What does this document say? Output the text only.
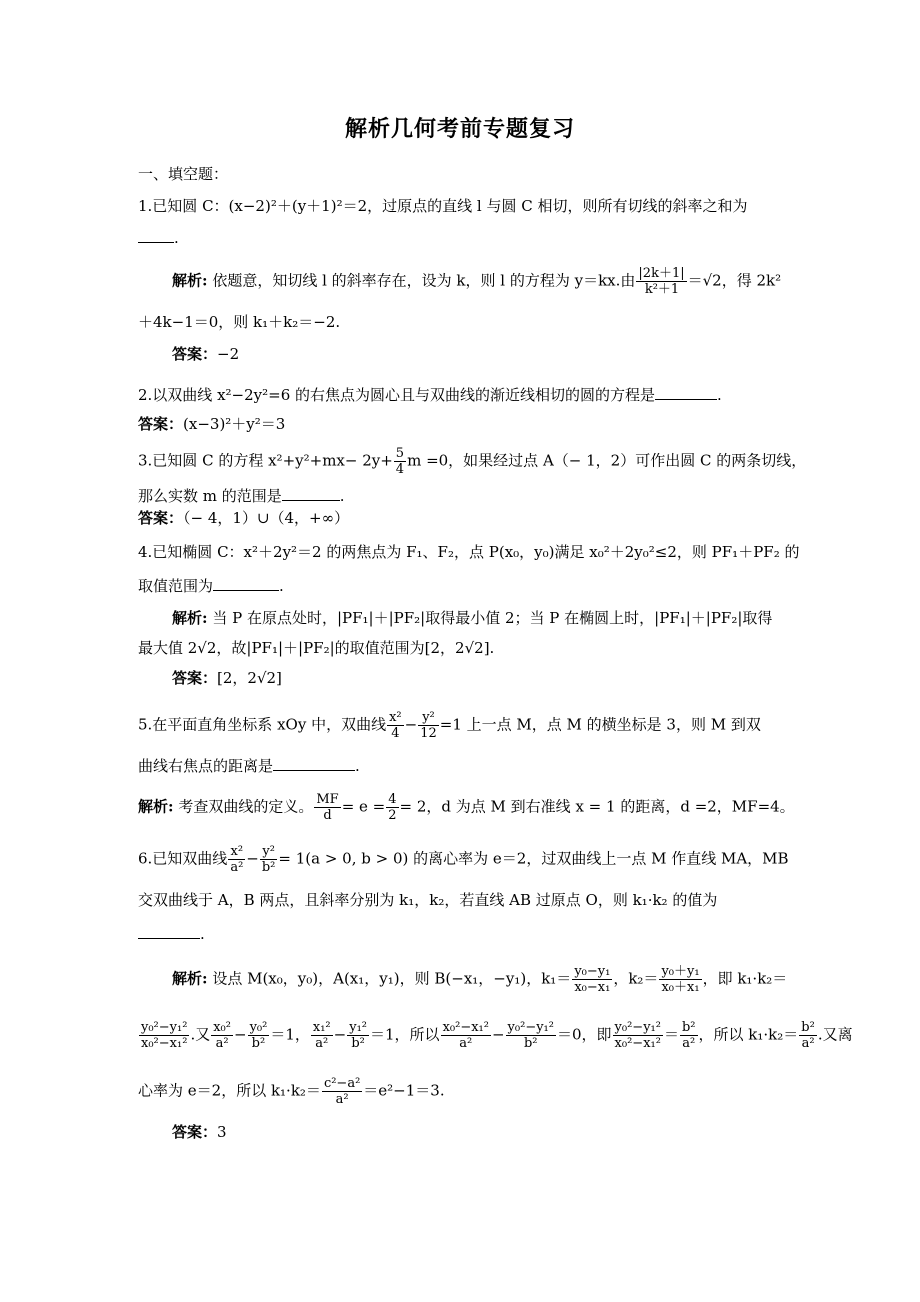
解析几何考前专题复习
一、填空题：
1.已知圆 C：(x−2)²＋(y＋1)²＝2，过原点的直线 l 与圆 C 相切，则所有切线的斜率之和为
.
解析: 依题意，知切线 l 的斜率存在，设为 k，则 l 的方程为 y＝kx.由 $\frac{|2k+1|}{\text{k²＋1}} =√2$，得 2k²
＋4k−1＝0，则 k₁＋k₂＝−2.
答案：−2
2.以双曲线 x²−2y²=6 的右焦点为圆心且与双曲线的渐近线相切的圆的方程是	.
答案：(x−3)²＋y²＝3
3.已知圆 C 的方程 $x^2+y^2+mx- 2y+ \frac{5}{4}$ m =0，如果经过点 A（− 1，2）可作出圆 C 的两条切线，
那么实数 m 的范围是	.
答案：（− 4，1）∪（4，+∞）
4.已知椭圆 C：x²＋2y²＝2 的两焦点为 F₁、F₂，点 P(x₀，y₀)满足 x₀²＋2y₀²≤2，则 PF₁＋PF₂ 的
取值范围为	.
解析: 当 P 在原点处时，|PF₁|＋|PF₂|取得最小值 2；当 P 在椭圆上时，|PF₁|＋|PF₂|取得
最大值 2√2，故|PF₁|＋|PF₂|的取值范围为[2，2√2].
答案：[2，2√2]
5.在平面直角坐标系 xOy 中，双曲线 $\frac{\text{x²}}{4} - \frac{\text{y²}}{12} =1$ 上一点 M，点 M 的横坐标是 3，则 M 到双
曲线右焦点的距离是	.
解析: 考查双曲线的定义。 $\frac{MF}{d} = e = \frac{4}{2} = 2$，d 为点 M 到右准线 x = 1 的距离，d =2，MF=4。
6.已知双曲线 $\frac{\text{x²}}{\text{a²}} - \frac{\text{y²}}{\text{b²}} = 1(a > 0$, b > 0) 的离心率为 e＝2，过双曲线上一点 M 作直线 MA，MB
交双曲线于 A，B 两点，且斜率分别为 k₁，k₂，若直线 AB 过原点 O，则 k₁·k₂ 的值为
.
解析: 设点 M(x₀，y₀)，A(x₁，y₁)，则 B(−x₁，−y₁)，$k_1= \frac{\text{y₀−y₁}}{\text{x₀−x₁}}$ ，$k_2= \frac{\text{y₀＋y₁}}{\text{x₀＋x₁}}$ ，即 k₁·k₂＝
$\frac{\text{y₀²−y₁²}}{\text{x₀²−x₁²}}$ .又 $\frac{\text{x₀²}}{\text{a²}} - \frac{\text{y₀²}}{\text{b²}} =1$， $\frac{\text{x₁²}}{\text{a²}} - \frac{\text{y₁²}}{\text{b²}} =1$，所以 $\frac{\text{x₀²−x₁²}}{\text{a²}} - \frac{\text{y₀²−y₁²}}{\text{b²}} =0$，即 $\frac{\text{y₀²−y₁²}}{\text{x₀²−x₁²}} = \frac{\text{b²}}{\text{a²}}$ ，所以 $k_1\cdot k_2= \frac{\text{b²}}{\text{a²}}$ .又离
心率为 e＝2，所以 $k_1\cdot k_2= \frac{\text{c²−a²}}{\text{a²}} =e^2-1=3$.
答案：3
